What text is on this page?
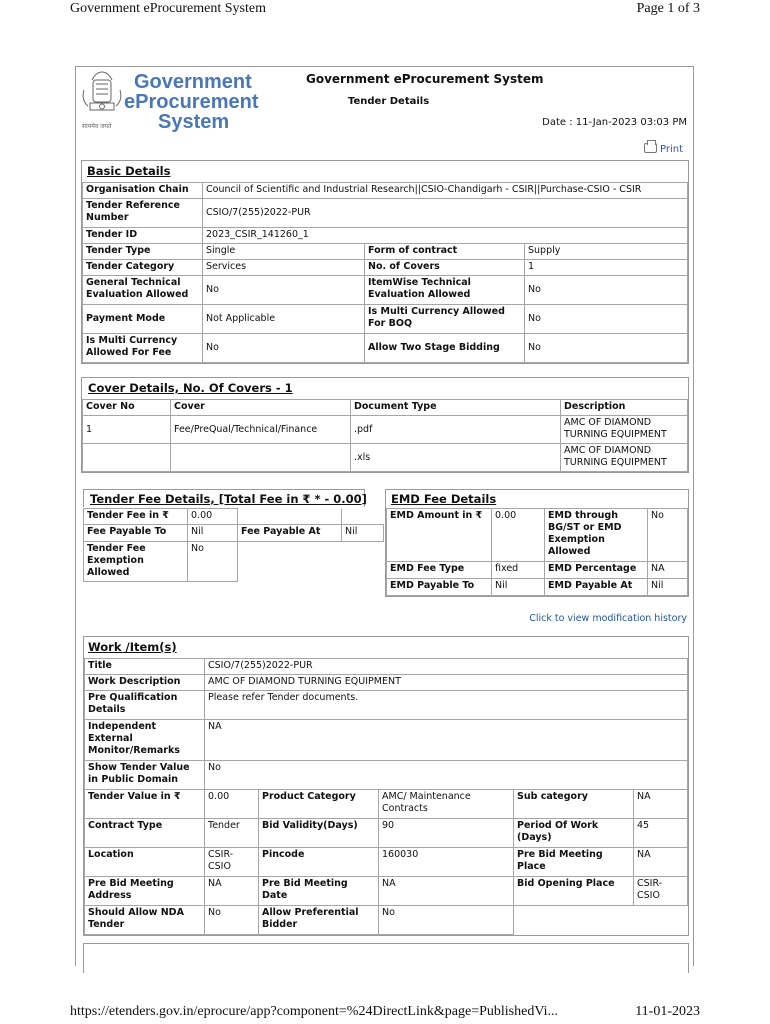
Government eProcurement System	Page 1 of 3
सत्यमेव जयते
Government
eProcurement
System
Government eProcurement System
Tender Details
Date : 11-Jan-2023 03:03 PM
Print
Basic Details
Organisation Chain	Council of Scientific and Industrial Research||CSIO-Chandigarh - CSIR||Purchase-CSIO - CSIR		
Tender Reference Number	CSIO/7(255)2022-PUR		
Tender ID	2023_CSIR_141260_1		
Tender Type	Single	Form of contract	Supply
Tender Category	Services	No. of Covers	1
General Technical Evaluation Allowed	No	ItemWise Technical Evaluation Allowed	No
Payment Mode	Not Applicable	Is Multi Currency Allowed For BOQ	No
Is Multi Currency Allowed For Fee	No	Allow Two Stage Bidding	No
Cover Details, No. Of Covers - 1
Cover No	Cover	Document Type	Description
1	Fee/PreQual/Technical/Finance	.pdf	AMC OF DIAMOND TURNING EQUIPMENT
		.xls	AMC OF DIAMOND TURNING EQUIPMENT
Tender Fee Details, [Total Fee in ₹ * - 0.00]
Tender Fee in ₹	0.00		
Fee Payable To	Nil	Fee Payable At	Nil
Tender Fee Exemption Allowed	No		
EMD Fee Details
EMD Amount in ₹	0.00	EMD through BG/ST or EMD Exemption Allowed	No
EMD Fee Type	fixed	EMD Percentage	NA
EMD Payable To	Nil	EMD Payable At	Nil
Click to view modification history
Work /Item(s)
Title	CSIO/7(255)2022-PUR				
Work Description	AMC OF DIAMOND TURNING EQUIPMENT				
Pre Qualification Details	Please refer Tender documents.				
Independent External Monitor/Remarks	NA				
Show Tender Value in Public Domain	No				
Tender Value in ₹	0.00	Product Category	AMC/ Maintenance Contracts	Sub category	NA
Contract Type	Tender	Bid Validity(Days)	90	Period Of Work (Days)	45
Location	CSIR-CSIO	Pincode	160030	Pre Bid Meeting Place	NA
Pre Bid Meeting Address	NA	Pre Bid Meeting Date	NA	Bid Opening Place	CSIR-CSIO
Should Allow NDA Tender	No	Allow Preferential Bidder	No		
https://etenders.gov.in/eprocure/app?component=%24DirectLink&page=PublishedVi...	11-01-2023
